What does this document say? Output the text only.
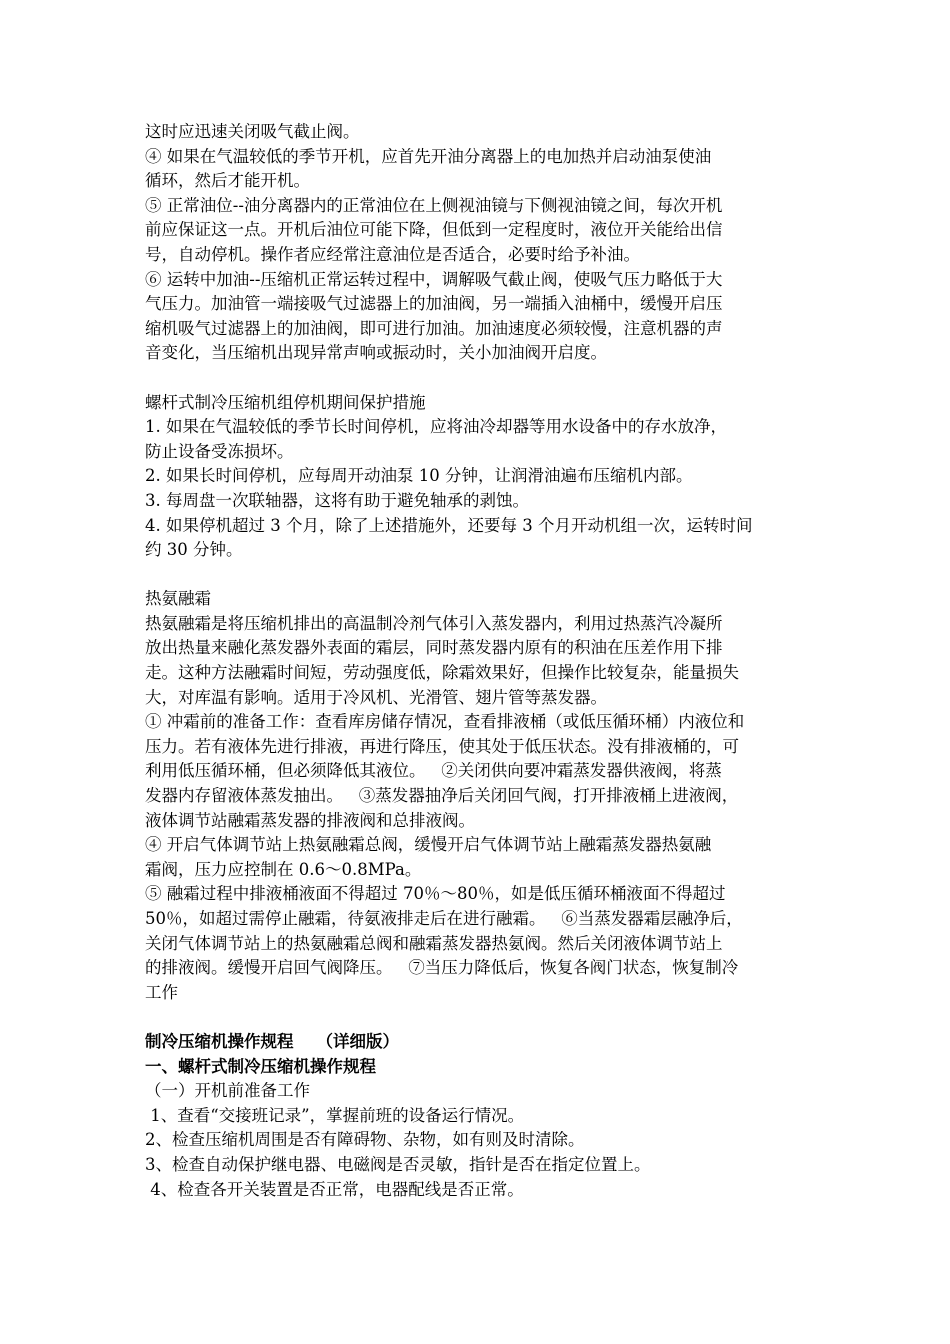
这时应迅速关闭吸气截止阀。
④ 如果在气温较低的季节开机，应首先开油分离器上的电加热并启动油泵使油
循环，然后才能开机。
⑤ 正常油位--油分离器内的正常油位在上侧视油镜与下侧视油镜之间，每次开机
前应保证这一点。开机后油位可能下降，但低到一定程度时，液位开关能给出信
号，自动停机。操作者应经常注意油位是否适合，必要时给予补油。
⑥ 运转中加油--压缩机正常运转过程中，调解吸气截止阀，使吸气压力略低于大
气压力。加油管一端接吸气过滤器上的加油阀，另一端插入油桶中，缓慢开启压
缩机吸气过滤器上的加油阀，即可进行加油。加油速度必须较慢，注意机器的声
音变化，当压缩机出现异常声响或振动时，关小加油阀开启度。
螺杆式制冷压缩机组停机期间保护措施
1. 如果在气温较低的季节长时间停机，应将油冷却器等用水设备中的存水放净，
防止设备受冻损坏。
2. 如果长时间停机，应每周开动油泵 10 分钟，让润滑油遍布压缩机内部。
3. 每周盘一次联轴器，这将有助于避免轴承的剥蚀。
4. 如果停机超过 3 个月，除了上述措施外，还要每 3 个月开动机组一次，运转时间
约 30 分钟。
热氨融霜
热氨融霜是将压缩机排出的高温制冷剂气体引入蒸发器内，利用过热蒸汽冷凝所
放出热量来融化蒸发器外表面的霜层，同时蒸发器内原有的积油在压差作用下排
走。这种方法融霜时间短，劳动强度低，除霜效果好，但操作比较复杂，能量损失
大，对库温有影响。适用于冷风机、光滑管、翅片管等蒸发器。
① 冲霜前的准备工作：查看库房储存情况，查看排液桶（或低压循环桶）内液位和
压力。若有液体先进行排液，再进行降压，使其处于低压状态。没有排液桶的，可
利用低压循环桶，但必须降低其液位。   ②关闭供向要冲霜蒸发器供液阀，将蒸
发器内存留液体蒸发抽出。   ③蒸发器抽净后关闭回气阀，打开排液桶上进液阀，
液体调节站融霜蒸发器的排液阀和总排液阀。
④ 开启气体调节站上热氨融霜总阀，缓慢开启气体调节站上融霜蒸发器热氨融
霜阀，压力应控制在 0.6～0.8MPa。
⑤ 融霜过程中排液桶液面不得超过 70％～80％，如是低压循环桶液面不得超过
50％，如超过需停止融霜，待氨液排走后在进行融霜。   ⑥当蒸发器霜层融净后，
关闭气体调节站上的热氨融霜总阀和融霜蒸发器热氨阀。然后关闭液体调节站上
的排液阀。缓慢开启回气阀降压。   ⑦当压力降低后，恢复各阀门状态，恢复制冷
工作
制冷压缩机操作规程    （详细版）
一、螺杆式制冷压缩机操作规程
（一）开机前准备工作
1、查看“交接班记录”，掌握前班的设备运行情况。
2、检查压缩机周围是否有障碍物、杂物，如有则及时清除。
3、检查自动保护继电器、电磁阀是否灵敏，指针是否在指定位置上。
4、检查各开关装置是否正常，电器配线是否正常。
